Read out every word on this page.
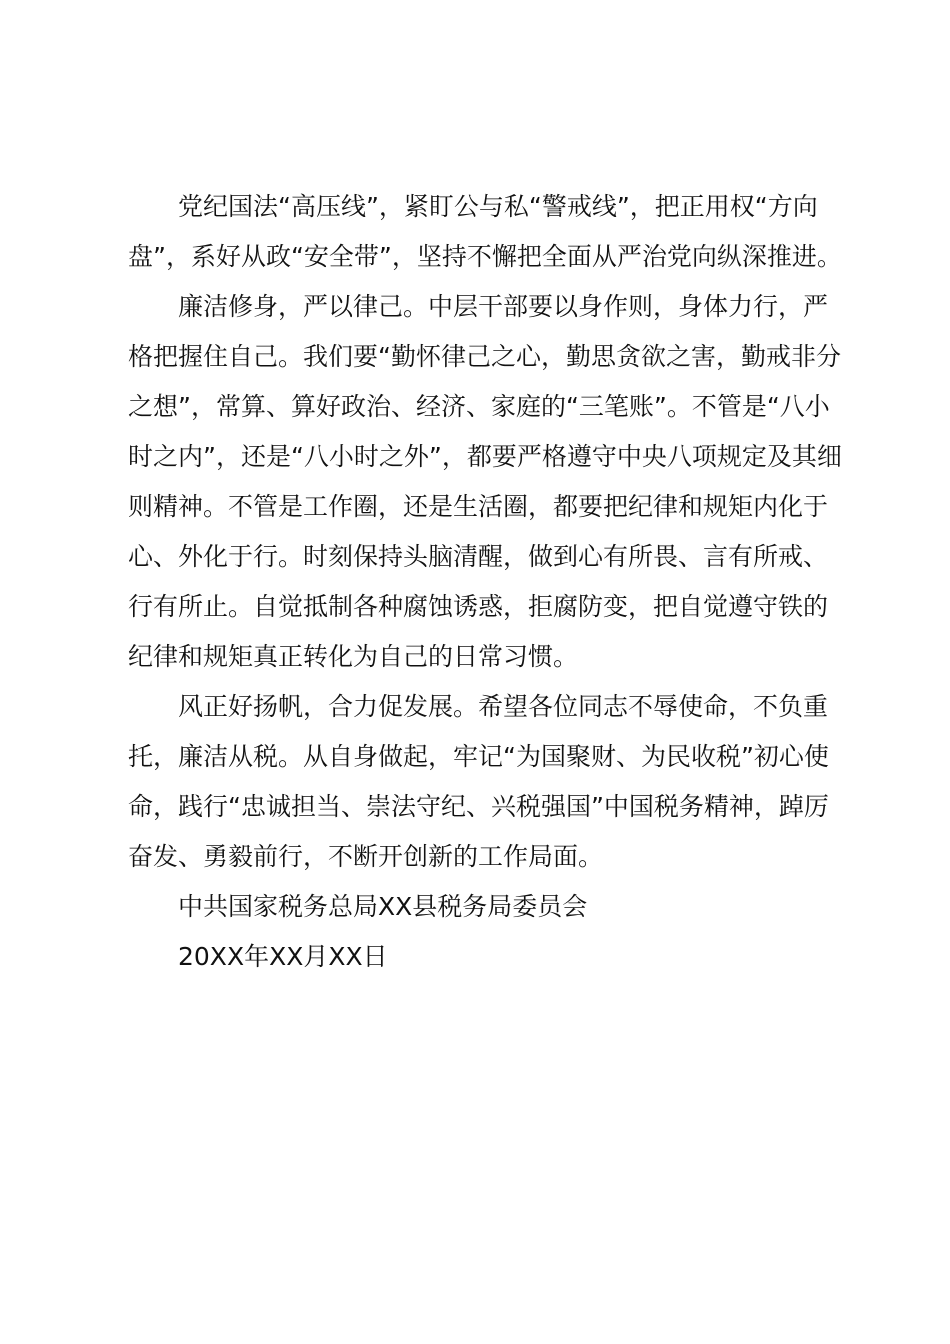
党纪国法“高压线”，紧盯公与私“警戒线”，把正用权“方向
盘”，系好从政“安全带”，坚持不懈把全面从严治党向纵深推进。
廉洁修身，严以律己。中层干部要以身作则，身体力行，严
格把握住自己。我们要“勤怀律己之心，勤思贪欲之害，勤戒非分
之想”，常算、算好政治、经济、家庭的“三笔账”。不管是“八小
时之内”，还是“八小时之外”，都要严格遵守中央八项规定及其细
则精神。不管是工作圈，还是生活圈，都要把纪律和规矩内化于
心、外化于行。时刻保持头脑清醒，做到心有所畏、言有所戒、
行有所止。自觉抵制各种腐蚀诱惑，拒腐防变，把自觉遵守铁的
纪律和规矩真正转化为自己的日常习惯。
风正好扬帆，合力促发展。希望各位同志不辱使命，不负重
托，廉洁从税。从自身做起，牢记“为国聚财、为民收税”初心使
命，践行“忠诚担当、崇法守纪、兴税强国”中国税务精神，踔厉
奋发、勇毅前行，不断开创新的工作局面。
中共国家税务总局XX县税务局委员会
20XX年XX月XX日
